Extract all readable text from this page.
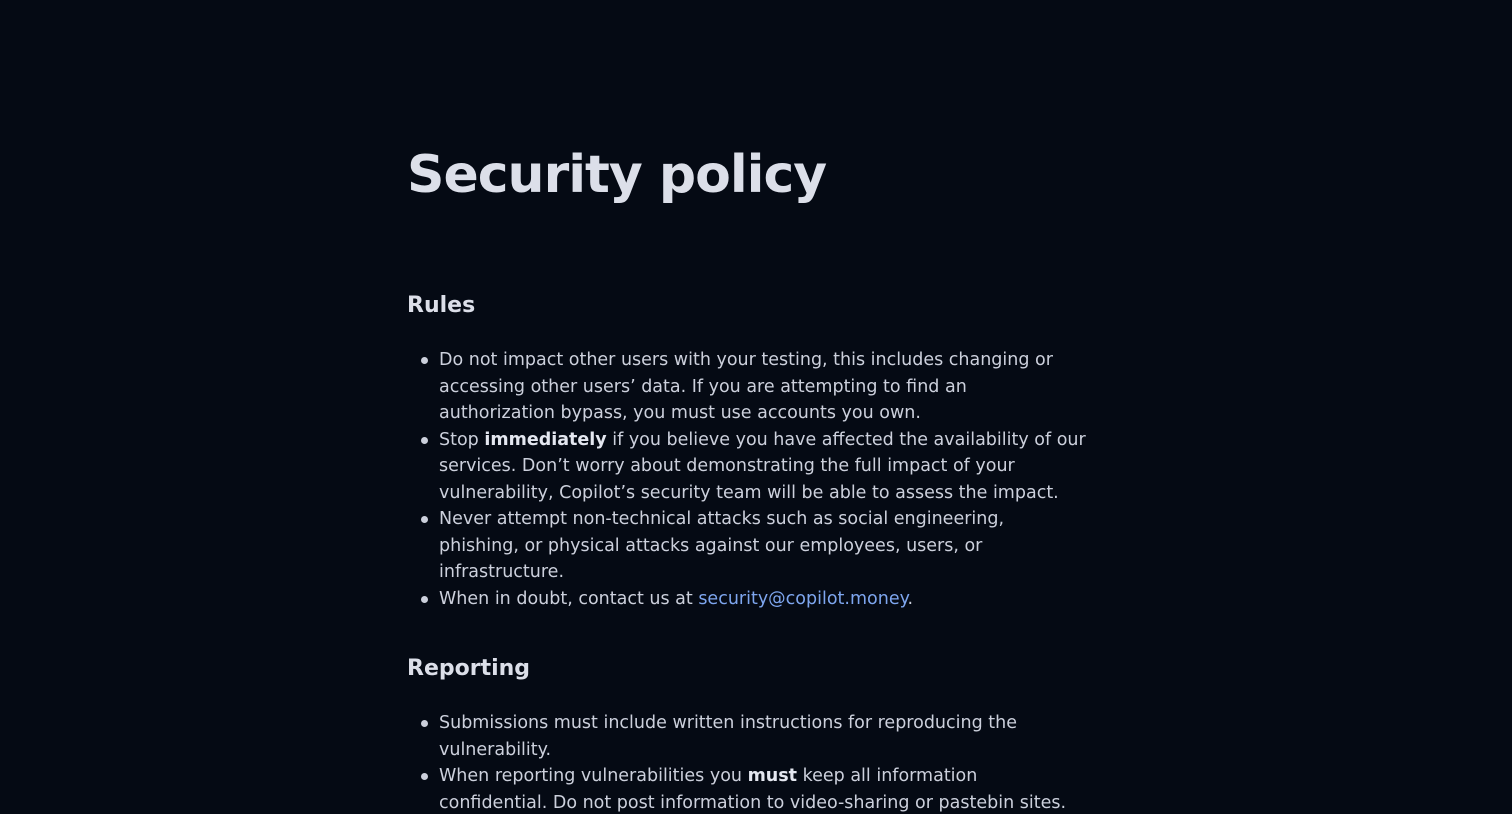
Security policy
Rules
Do not impact other users with your testing, this includes changing or
accessing other users’ data. If you are attempting to find an
authorization bypass, you must use accounts you own.
Stop immediately if you believe you have affected the availability of our
services. Don’t worry about demonstrating the full impact of your
vulnerability, Copilot’s security team will be able to assess the impact.
Never attempt non-technical attacks such as social engineering,
phishing, or physical attacks against our employees, users, or
infrastructure.
When in doubt, contact us at security@copilot.money.
Reporting
Submissions must include written instructions for reproducing the
vulnerability.
When reporting vulnerabilities you must keep all information
confidential. Do not post information to video-sharing or pastebin sites.
